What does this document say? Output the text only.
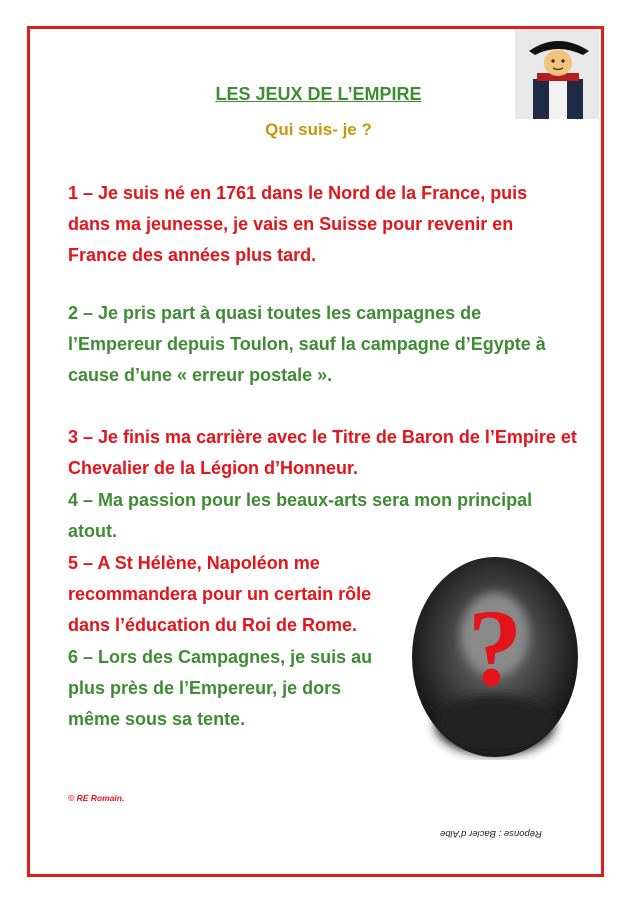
LES JEUX DE L’EMPIRE
Qui suis- je ?

1 – Je suis né en 1761 dans le Nord de la France, puis dans ma jeunesse, je vais en Suisse pour revenir en France des années plus tard.

2 – Je pris part à quasi toutes les campagnes de l’Empereur depuis Toulon, sauf la campagne d’Egypte à cause d’une « erreur postale ».

3 – Je finis ma carrière avec le Titre de Baron de l’Empire et Chevalier de la Légion d’Honneur.

4 – Ma passion pour les beaux-arts sera mon principal atout.

5 – A St Hélène, Napoléon me recommandera pour un certain rôle dans l’éducation du Roi de Rome.

6 – Lors des Campagnes, je suis au plus près de l’Empereur, je dors même sous sa tente.

?
© RE Romain.
Réponse : Bacler d’Albe
